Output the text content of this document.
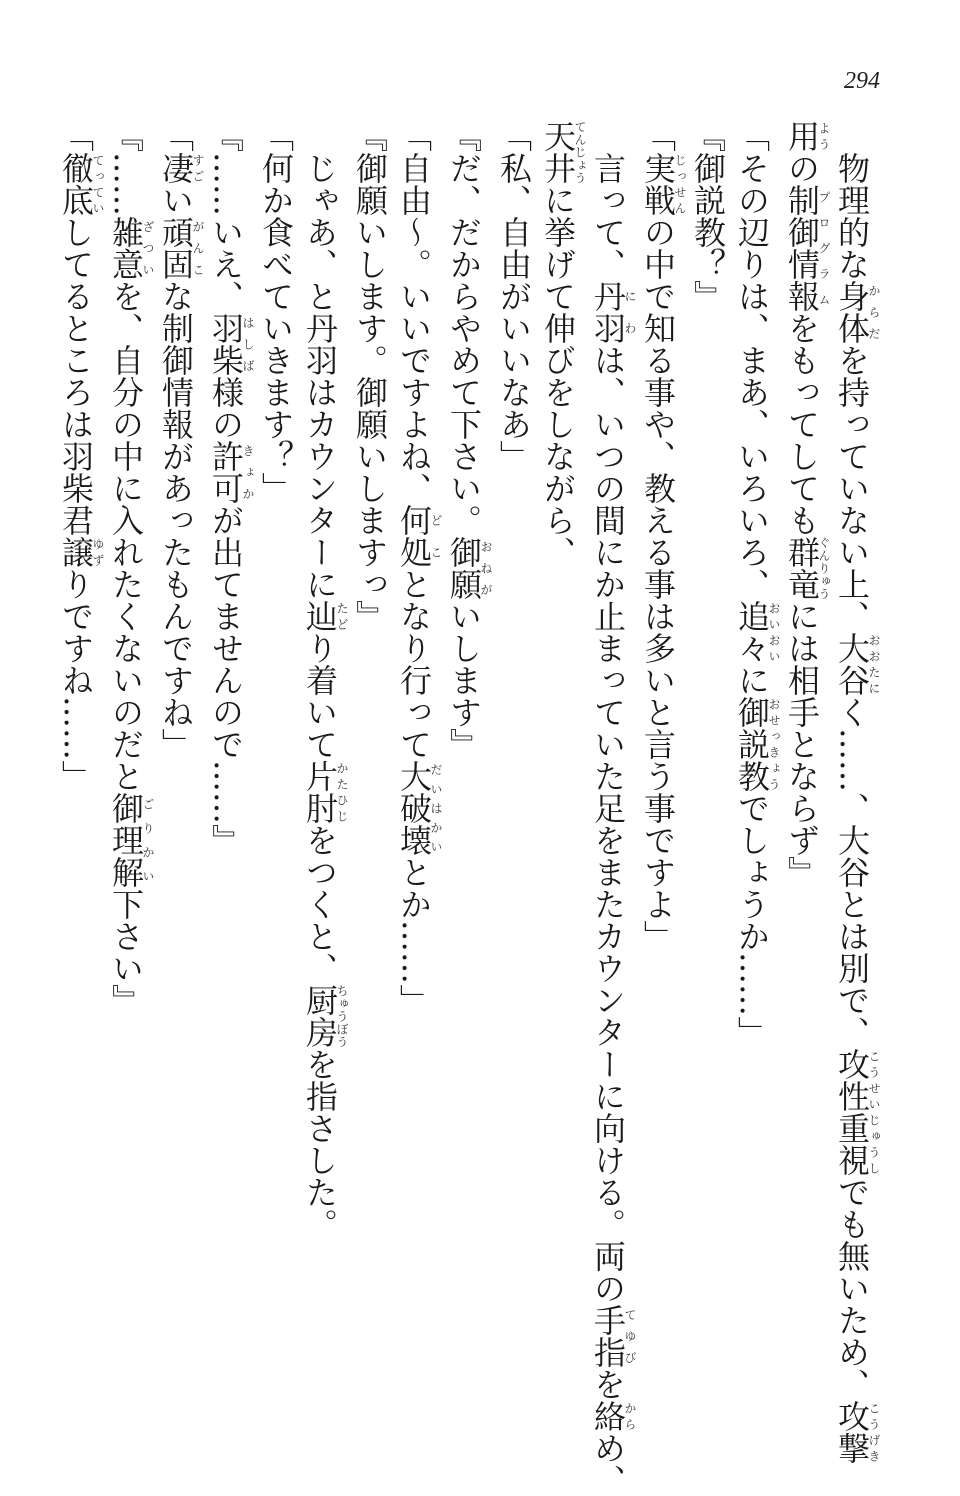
294
　物理的な身体からだを持っていない上、大谷おおたにく……、大谷とは別で、攻性重視こうせいじゅうしでも無いため、攻撃こうげき
用ようの制御情報プログラムをもってしても群竜ぐんりゅうには相手とならず』
「その辺りは、まあ、いろいろ、追々おいおいに御説教おせっきょうでしょうか……」
『御説教？』
「実戦じっせんの中で知る事や、教える事は多いと言う事ですよ」
　言って、丹羽にわは、いつの間にか止まっていた足をまたカウンターに向ける。両の手指てゆびを絡からめ、
天井てんじょうに挙げて伸びをしながら、
「私、自由がいいなあ」
『だ、だからやめて下さい。御願おねがいします』
「自由～。いいですよね、何処どことなり行って大破壊だいはかいとか……」
『御願いします。御願いしますっ』
　じゃあ、と丹羽はカウンターに辿たどり着いて片肘かたひじをつくと、厨房ちゅうぼうを指さした。
「何か食べていきます？」
『……いえ、羽柴はしば様の許可きょかが出てませんので……』
「凄すごい頑固がんこな制御情報があったもんですね」
『……雑意ざついを、自分の中に入れたくないのだと御理解ごりかい下さい』
「徹底てっていしてるところは羽柴君譲ゆずりですね……」
